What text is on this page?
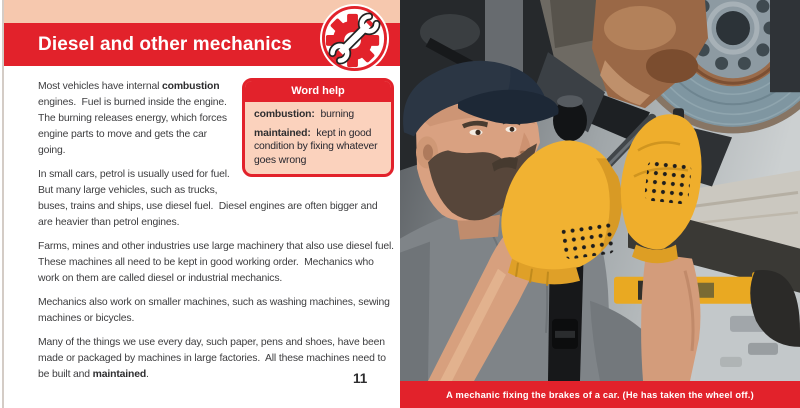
Diesel and other mechanics
Word help

combustion: burning

maintained: kept in good condition by fixing whatever goes wrong

Most vehicles have internal combustion engines.  Fuel is burned inside the engine.  The burning releases energy, which forces engine parts to move and gets the car going.

In small cars, petrol is usually used for fuel.  But many large vehicles, such as trucks, buses, trains and ships, use diesel fuel.  Diesel engines are often bigger and are heavier than petrol engines.

Farms, mines and other industries use large machinery that also use diesel fuel.  These machines all need to be kept in good working order.  Mechanics who work on them are called diesel or industrial mechanics.

Mechanics also work on smaller machines, such as washing machines, sewing machines or bicycles.

Many of the things we use every day, such paper, pens and shoes, have been made or packaged by machines in large factories.  All these machines need to be built and maintained.	11
A mechanic fixing the brakes of a car. (He has taken the wheel off.)
